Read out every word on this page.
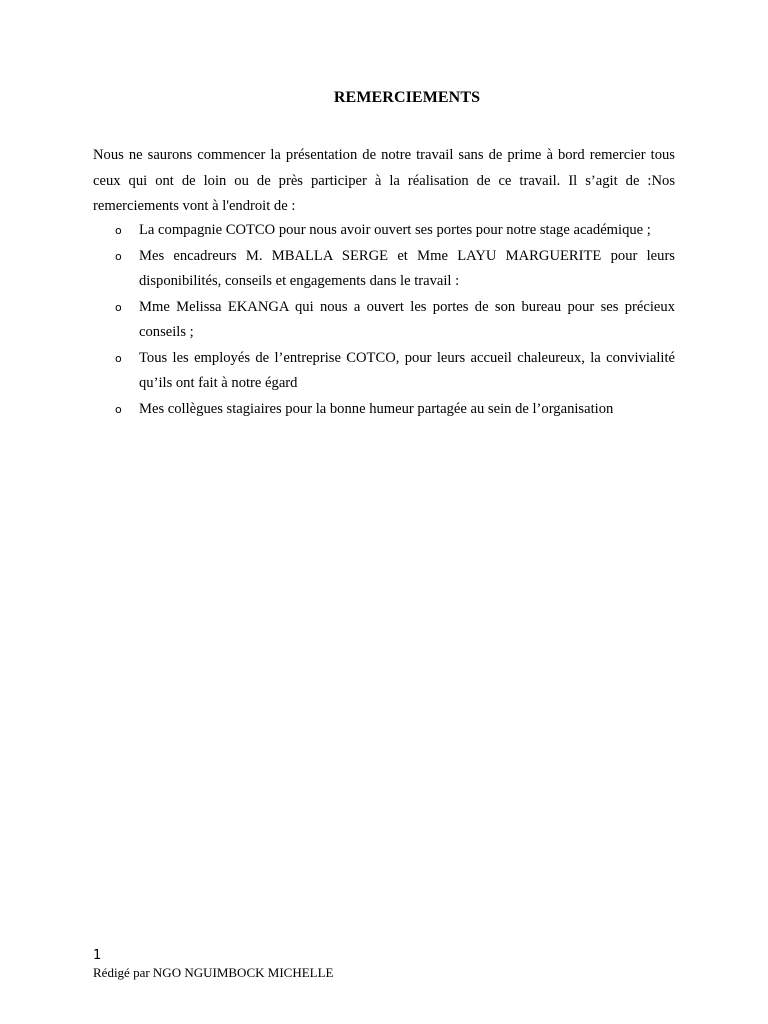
REMERCIEMENTS

Nous ne saurons commencer la présentation de notre travail sans de prime à bord remercier tous ceux qui ont de loin ou de près participer à la réalisation de ce travail. Il s’agit de :Nos remerciements vont à l'endroit de :

o La compagnie COTCO pour nous avoir ouvert ses portes pour notre stage académique ;
o Mes encadreurs M. MBALLA SERGE et Mme LAYU MARGUERITE pour leurs disponibilités, conseils et engagements dans le travail :
o Mme Melissa EKANGA qui nous a ouvert les portes de son bureau pour ses précieux conseils ;
o Tous les employés de l’entreprise COTCO, pour leurs accueil chaleureux, la convivialité qu’ils ont fait à notre égard
o Mes collègues stagiaires pour la bonne humeur partagée au sein de l’organisation
1
Rédigé par NGO NGUIMBOCK MICHELLE
